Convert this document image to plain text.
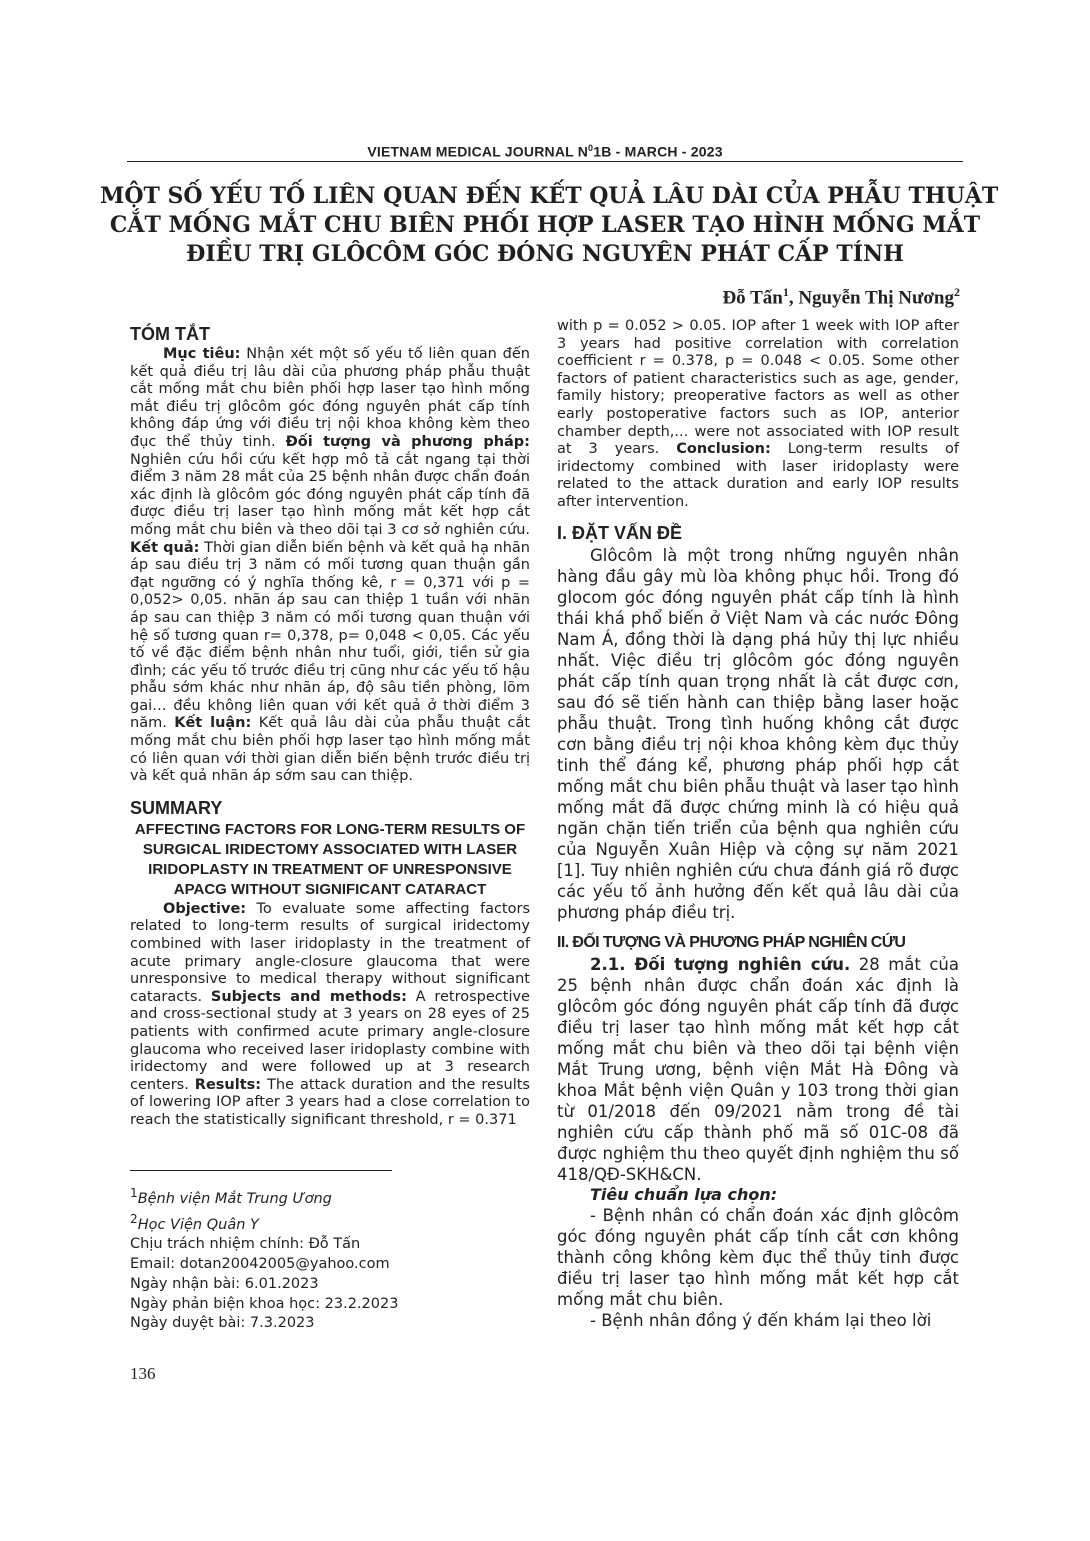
VIETNAM MEDICAL JOURNAL $N^01B$ - MARCH - 2023
MỘT SỐ YẾU TỐ LIÊN QUAN ĐẾN KẾT QUẢ LÂU DÀI CỦA PHẪU THUẬT
CẮT MỐNG MẮT CHU BIÊN PHỐI HỢP LASER TẠO HÌNH MỐNG MẮT
ĐIỀU TRỊ GLÔCÔM GÓC ĐÓNG NGUYÊN PHÁT CẤP TÍNH
Đỗ Tấn$^1$, Nguyễn Thị Nương$^2$
TÓM TẮT

Mục tiêu: Nhận xét một số yếu tố liên quan đến kết quả điều trị lâu dài của phương pháp phẫu thuật cắt mống mắt chu biên phối hợp laser tạo hình mống mắt điều trị glôcôm góc đóng nguyên phát cấp tính không đáp ứng với điều trị nội khoa không kèm theo đục thể thủy tinh. Đối tượng và phương pháp: Nghiên cứu hồi cứu kết hợp mô tả cắt ngang tại thời điểm 3 năm 28 mắt của 25 bệnh nhân được chẩn đoán xác định là glôcôm góc đóng nguyên phát cấp tính đã được điều trị laser tạo hình mống mắt kết hợp cắt mống mắt chu biên và theo dõi tại 3 cơ sở nghiên cứu. Kết quả: Thời gian diễn biến bệnh và kết quả hạ nhãn áp sau điều trị 3 năm có mối tương quan thuận gần đạt ngưỡng có ý nghĩa thống kê, r = 0,371 với p = 0,052> 0,05. nhãn áp sau can thiệp 1 tuần với nhãn áp sau can thiệp 3 năm có mối tương quan thuận với hệ số tương quan r= 0,378, p= 0,048 < 0,05. Các yếu tố về đặc điểm bệnh nhân như tuổi, giới, tiền sử gia đình; các yếu tố trước điều trị cũng như các yếu tố hậu phẫu sớm khác như nhãn áp, độ sâu tiền phòng, lõm gai… đều không liên quan với kết quả ở thời điểm 3 năm. Kết luận: Kết quả lâu dài của phẫu thuật cắt mống mắt chu biên phối hợp laser tạo hình mống mắt có liên quan với thời gian diễn biến bệnh trước điều trị và kết quả nhãn áp sớm sau can thiệp.

SUMMARY
AFFECTING FACTORS FOR LONG-TERM RESULTS OF SURGICAL IRIDECTOMY ASSOCIATED WITH LASER IRIDOPLASTY IN TREATMENT OF UNRESPONSIVE APACG WITHOUT SIGNIFICANT CATARACT

Objective: To evaluate some affecting factors related to long-term results of surgical iridectomy combined with laser iridoplasty in the treatment of acute primary angle-closure glaucoma that were unresponsive to medical therapy without significant cataracts. Subjects and methods: A retrospective and cross-sectional study at 3 years on 28 eyes of 25 patients with confirmed acute primary angle-closure glaucoma who received laser iridoplasty combine with iridectomy and were followed up at 3 research centers. Results: The attack duration and the results of lowering IOP after 3 years had a close correlation to reach the statistically significant threshold, r = 0.371

with p = 0.052 > 0.05. IOP after 1 week with IOP after 3 years had positive correlation with correlation coefficient r = 0.378, p = 0.048 < 0.05. Some other factors of patient characteristics such as age, gender, family history; preoperative factors as well as other early postoperative factors such as IOP, anterior chamber depth,... were not associated with IOP result at 3 years. Conclusion: Long-term results of iridectomy combined with laser iridoplasty were related to the attack duration and early IOP results after intervention.

I. ĐẶT VẤN ĐỀ

Glôcôm là một trong những nguyên nhân hàng đầu gây mù lòa không phục hồi. Trong đó glocom góc đóng nguyên phát cấp tính là hình thái khá phổ biến ở Việt Nam và các nước Đông Nam Á, đồng thời là dạng phá hủy thị lực nhiều nhất. Việc điều trị glôcôm góc đóng nguyên phát cấp tính quan trọng nhất là cắt được cơn, sau đó sẽ tiến hành can thiệp bằng laser hoặc phẫu thuật. Trong tình huống không cắt được cơn bằng điều trị nội khoa không kèm đục thủy tinh thể đáng kể, phương pháp phối hợp cắt mống mắt chu biên phẫu thuật và laser tạo hình mống mắt đã được chứng minh là có hiệu quả ngăn chặn tiến triển của bệnh qua nghiên cứu của Nguyễn Xuân Hiệp và cộng sự năm 2021 [1]. Tuy nhiên nghiên cứu chưa đánh giá rõ được các yếu tố ảnh hưởng đến kết quả lâu dài của phương pháp điều trị.

II. ĐỐI TƯỢNG VÀ PHƯƠNG PHÁP NGHIÊN CỨU

2.1. Đối tượng nghiên cứu. 28 mắt của 25 bệnh nhân được chẩn đoán xác định là glôcôm góc đóng nguyên phát cấp tính đã được điều trị laser tạo hình mống mắt kết hợp cắt mống mắt chu biên và theo dõi tại bệnh viện Mắt Trung ương, bệnh viện Mắt Hà Đông và khoa Mắt bệnh viện Quân y 103 trong thời gian từ 01/2018 đến 09/2021 nằm trong đề tài nghiên cứu cấp thành phố mã số 01C-08 đã được nghiệm thu theo quyết định nghiệm thu số 418/QĐ-SKH&CN.

Tiêu chuẩn lựa chọn:

- Bệnh nhân có chẩn đoán xác định glôcôm góc đóng nguyên phát cấp tính cắt cơn không thành công không kèm đục thể thủy tinh được điều trị laser tạo hình mống mắt kết hợp cắt mống mắt chu biên.

- Bệnh nhân đồng ý đến khám lại theo lời

$^1$Bệnh viện Mắt Trung Ương
$^2$Học Viện Quân Y
Chịu trách nhiệm chính: Đỗ Tấn
Email: dotan20042005@yahoo.com
Ngày nhận bài: 6.01.2023
Ngày phản biện khoa học: 23.2.2023
Ngày duyệt bài: 7.3.2023
136
